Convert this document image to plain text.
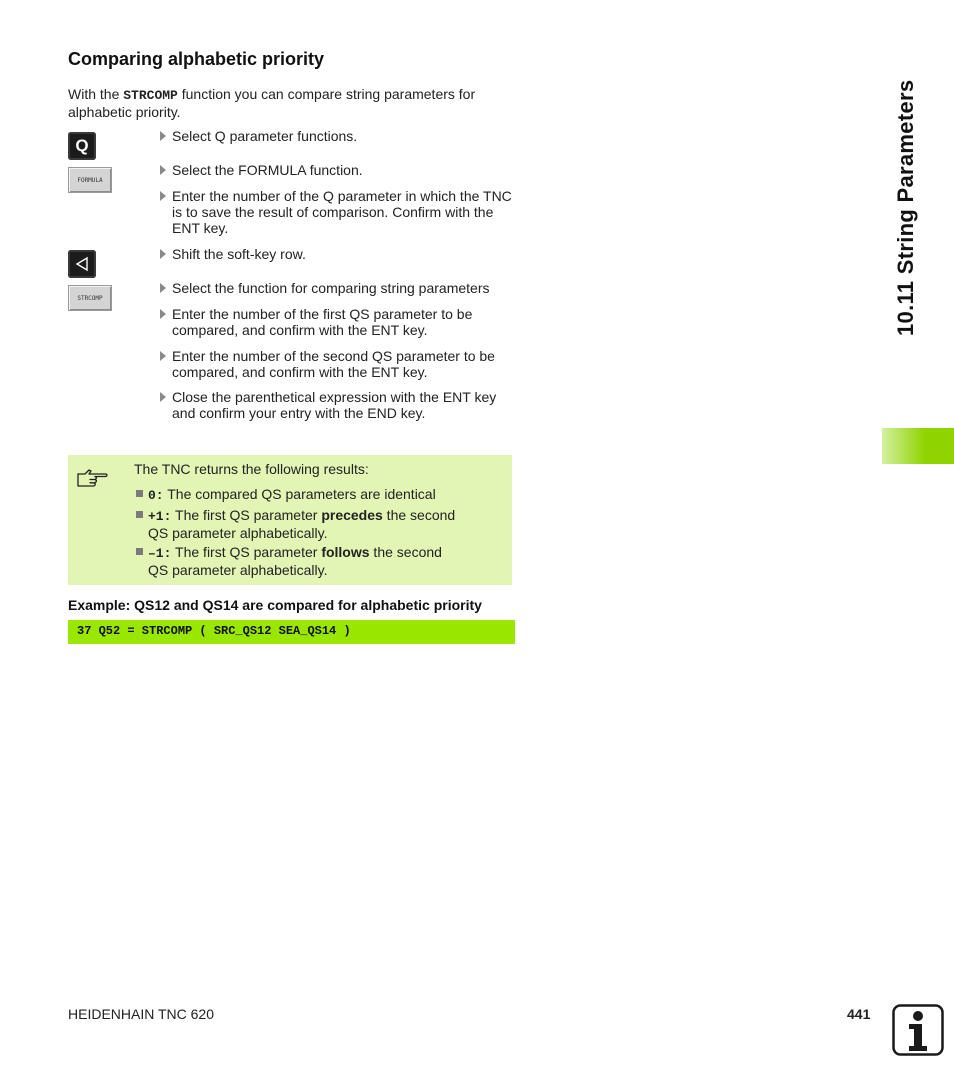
Comparing alphabetic priority
With the STRCOMP function you can compare string parameters for alphabetic priority.
Q
FORMULA
STRCOMP
Select Q parameter functions.
Select the FORMULA function.
Enter the number of the Q parameter in which the TNC is to save the result of comparison. Confirm with the ENT key.
Shift the soft-key row.
Select the function for comparing string parameters
Enter the number of the first QS parameter to be compared, and confirm with the ENT key.
Enter the number of the second QS parameter to be compared, and confirm with the ENT key.
Close the parenthetical expression with the ENT key and confirm your entry with the END key.
The TNC returns the following results:
0: The compared QS parameters are identical
+1: The first QS parameter precedes the second QS parameter alphabetically.
–1: The first QS parameter follows the second QS parameter alphabetically.
Example: QS12 and QS14 are compared for alphabetic priority
37 Q52 = STRCOMP ( SRC_QS12 SEA_QS14 )
10.11 String Parameters
HEIDENHAIN TNC 620	441
